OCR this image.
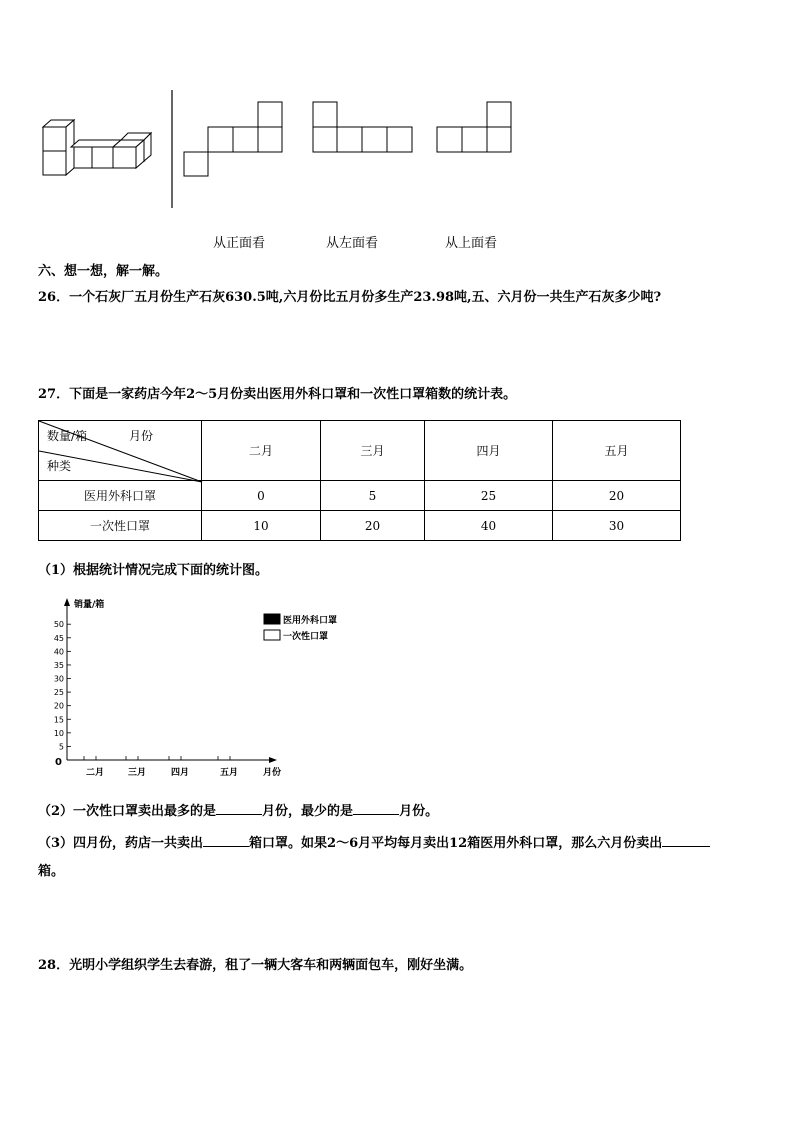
从正面看	从左面看	从上面看
六、想一想，解一解。
26．一个石灰厂五月份生产石灰630.5吨,六月份比五月份多生产23.98吨,五、六月份一共生产石灰多少吨?
27．下面是一家药店今年2～5月份卖出医用外科口罩和一次性口罩箱数的统计表。
数量/箱 月份
种类	二月	三月	四月	五月
医用外科口罩	0	5	25	20
一次性口罩	10	20	40	30
（1）根据统计情况完成下面的统计图。
销量/箱
50
45
40
35
30
25
20
15
10
5
0
二月	三月	四月	五月	月份
医用外科口罩
一次性口罩
（2）一次性口罩卖出最多的是	月份，最少的是	月份。
（3）四月份，药店一共卖出	箱口罩。如果2～6月平均每月卖出12箱医用外科口罩，那么六月份卖出
箱。
28．光明小学组织学生去春游，租了一辆大客车和两辆面包车，刚好坐满。
